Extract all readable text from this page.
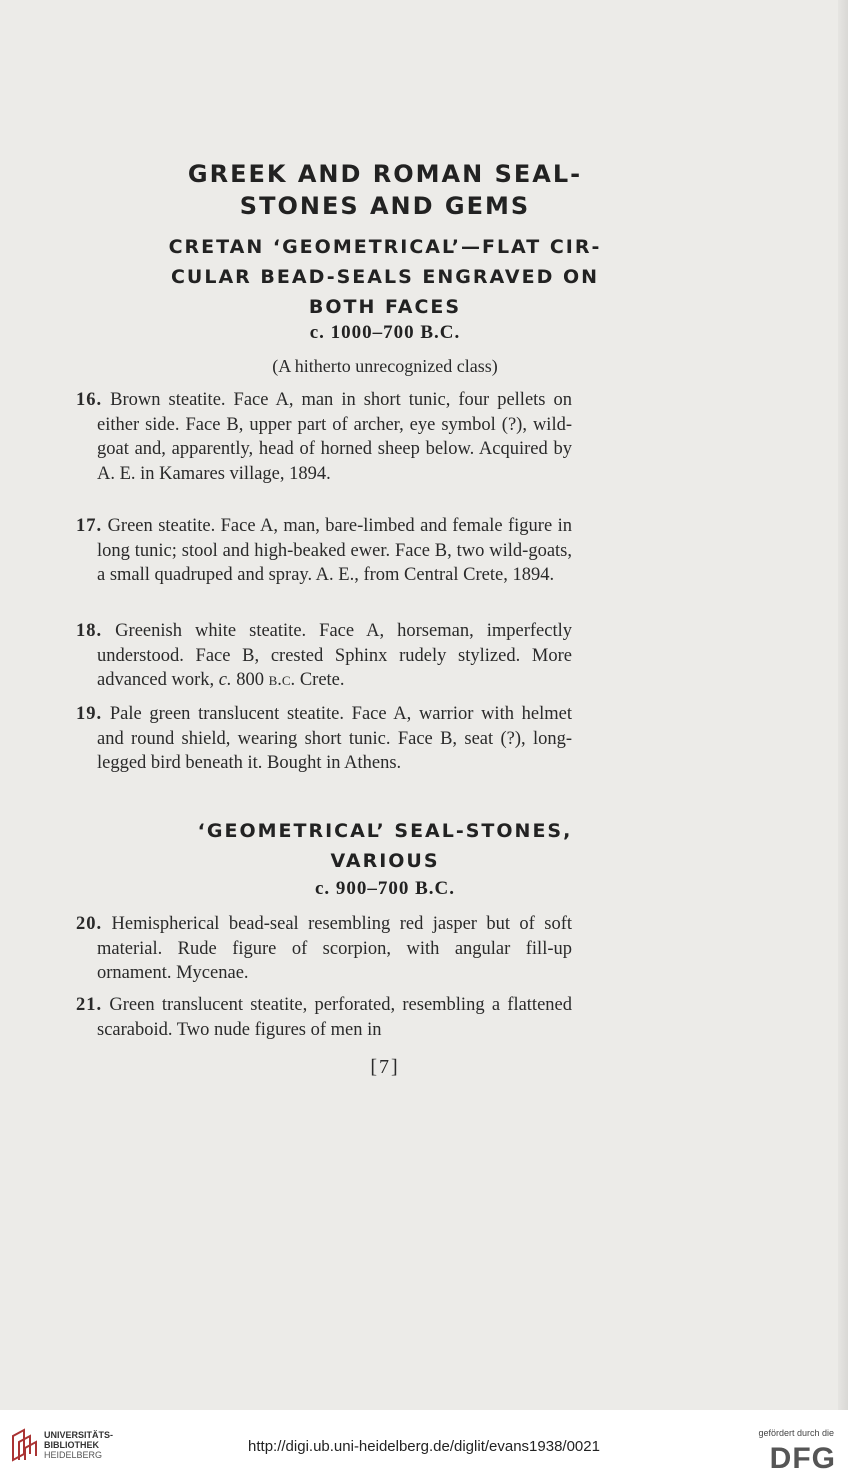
GREEK AND ROMAN SEAL-
STONES AND GEMS
CRETAN ‘GEOMETRICAL’—FLAT CIR-
CULAR BEAD-SEALS ENGRAVED ON
BOTH FACES
c. 1000–700 B.C.
(A hitherto unrecognized class)
16. Brown steatite. Face A, man in short tunic, four pellets on either side. Face B, upper part of archer, eye symbol (?), wild-goat and, apparently, head of horned sheep below. Acquired by A. E. in Kamares village, 1894.
17. Green steatite. Face A, man, bare-limbed and female figure in long tunic; stool and high-beaked ewer. Face B, two wild-goats, a small quadruped and spray. A. E., from Central Crete, 1894.
18. Greenish white steatite. Face A, horseman, imperfectly understood. Face B, crested Sphinx rudely stylized. More advanced work, c. 800 b.c. Crete.
19. Pale green translucent steatite. Face A, warrior with helmet and round shield, wearing short tunic. Face B, seat (?), long-legged bird beneath it. Bought in Athens.
‘GEOMETRICAL’ SEAL-STONES,
VARIOUS
c. 900–700 B.C.
20. Hemispherical bead-seal resembling red jasper but of soft material. Rude figure of scorpion, with angular fill-up ornament. Mycenae.
21. Green translucent steatite, perforated, resembling a flattened scaraboid. Two nude figures of men in
[7]
UNIVERSITÄTS-
BIBLIOTHEK
HEIDELBERG	http://digi.ub.uni-heidelberg.de/diglit/evans1938/0021
gefördert durch die
DFG
